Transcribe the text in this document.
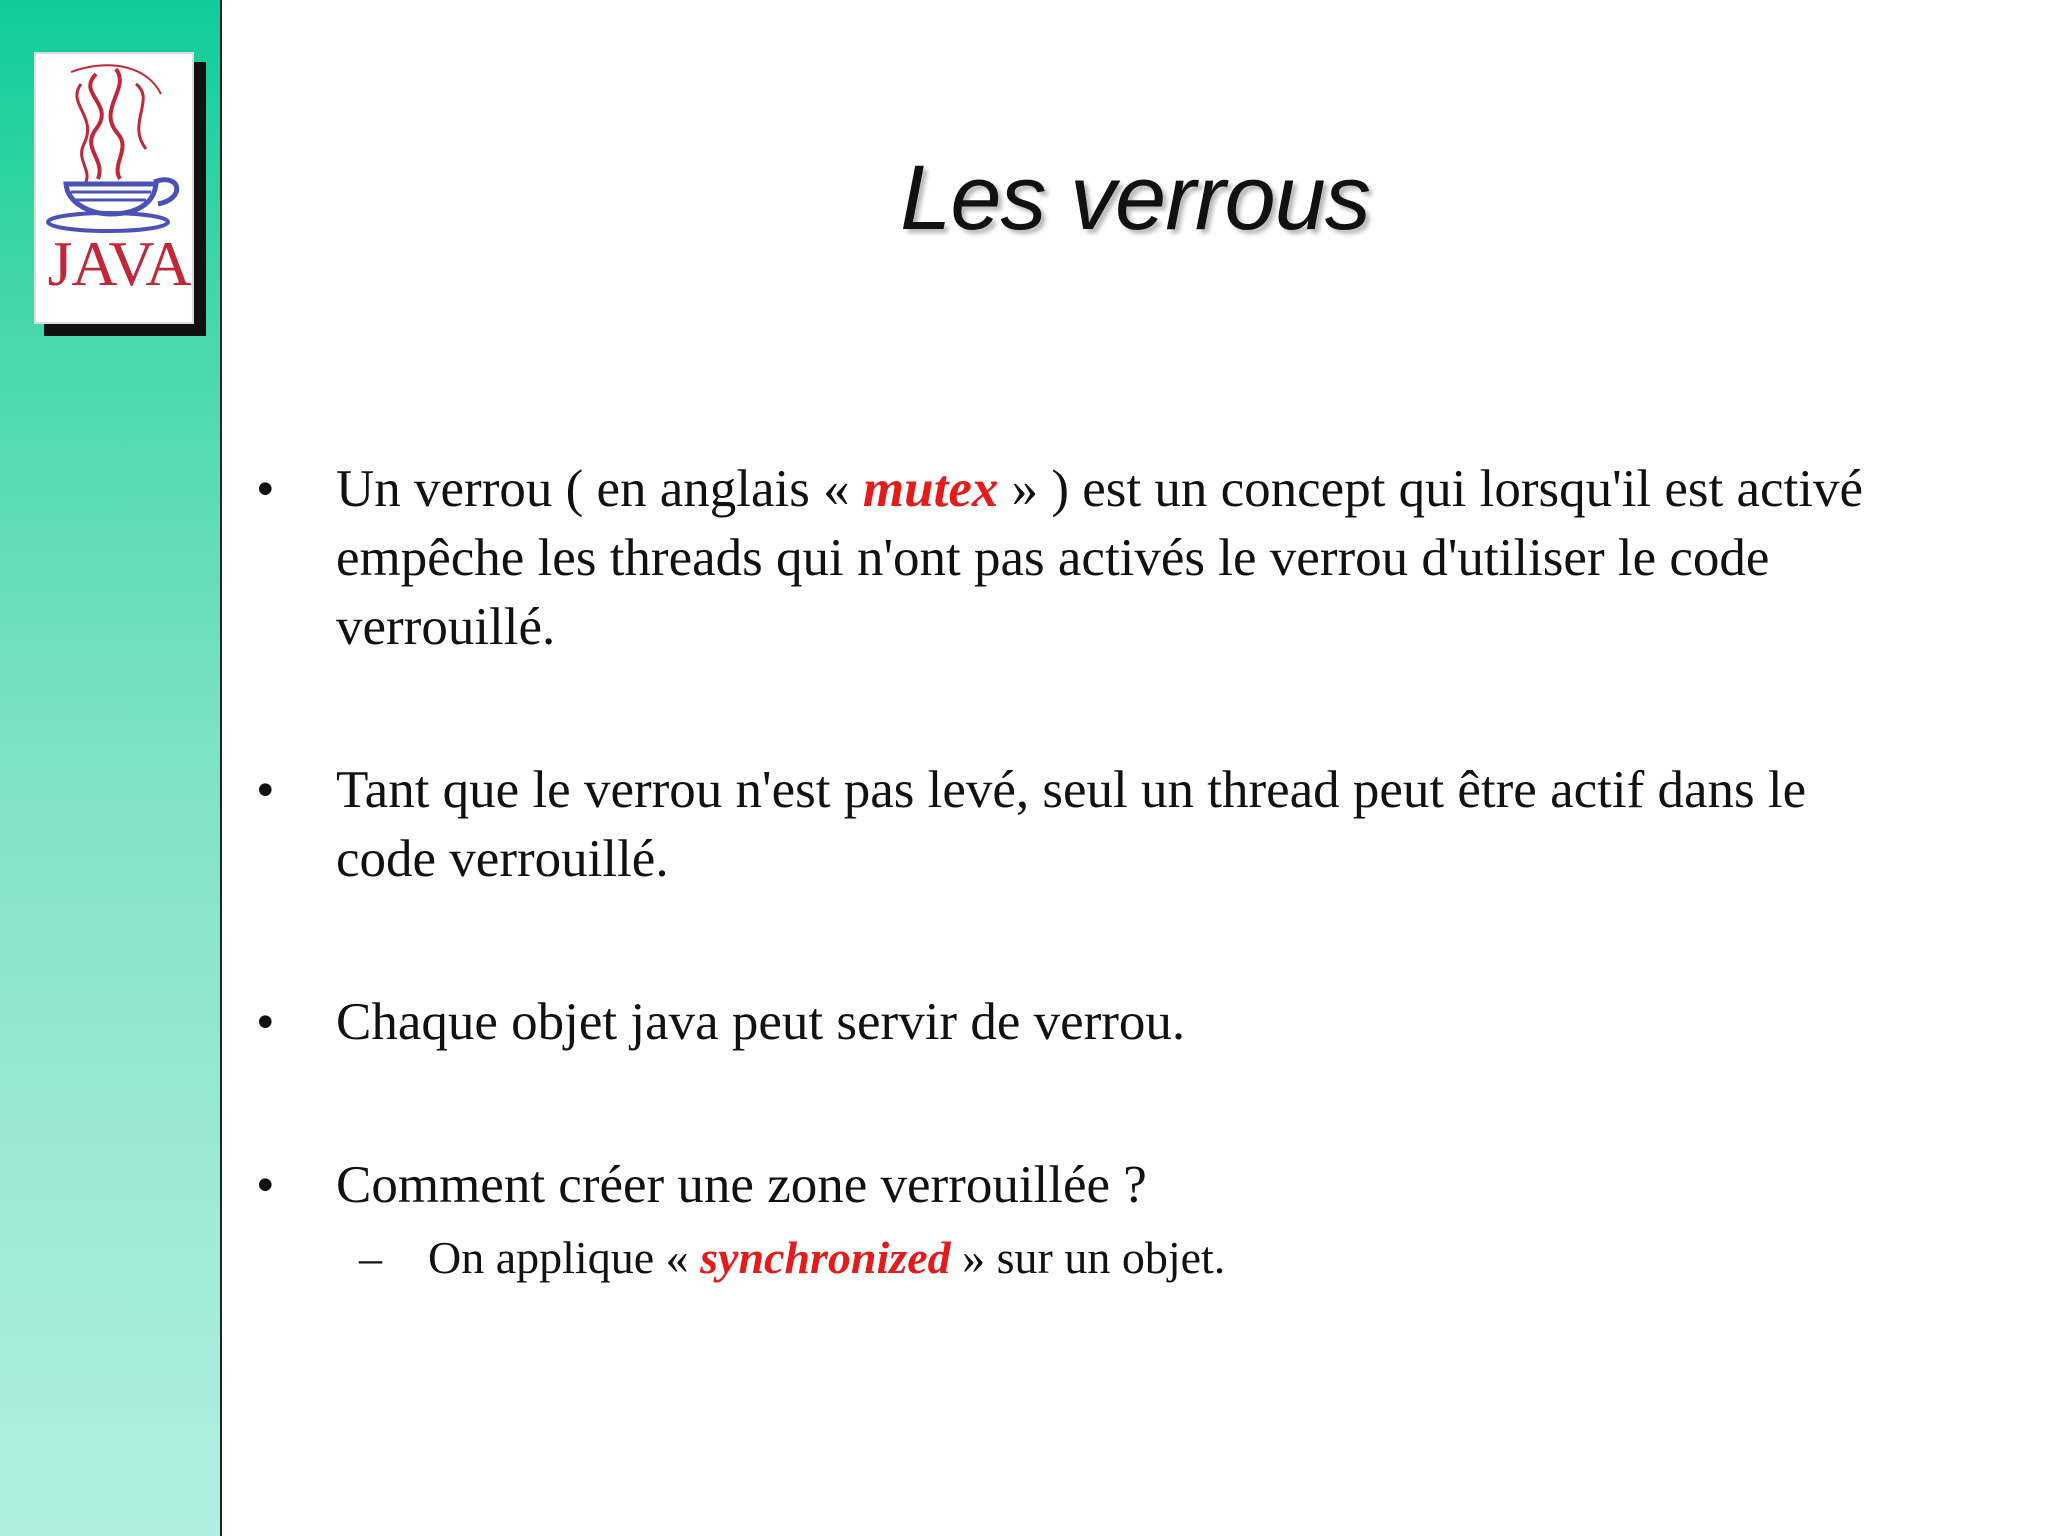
JAVA
Les verrous
•	Un verrou ( en anglais « mutex » ) est un concept qui lorsqu'il est activé empêche les threads qui n'ont pas activés le verrou d'utiliser le code verrouillé.
•	Tant que le verrou n'est pas levé, seul un thread peut être actif dans le code verrouillé.
•	Chaque objet java peut servir de verrou.
•	Comment créer une zone verrouillée ?
– On applique « synchronized » sur un objet.
